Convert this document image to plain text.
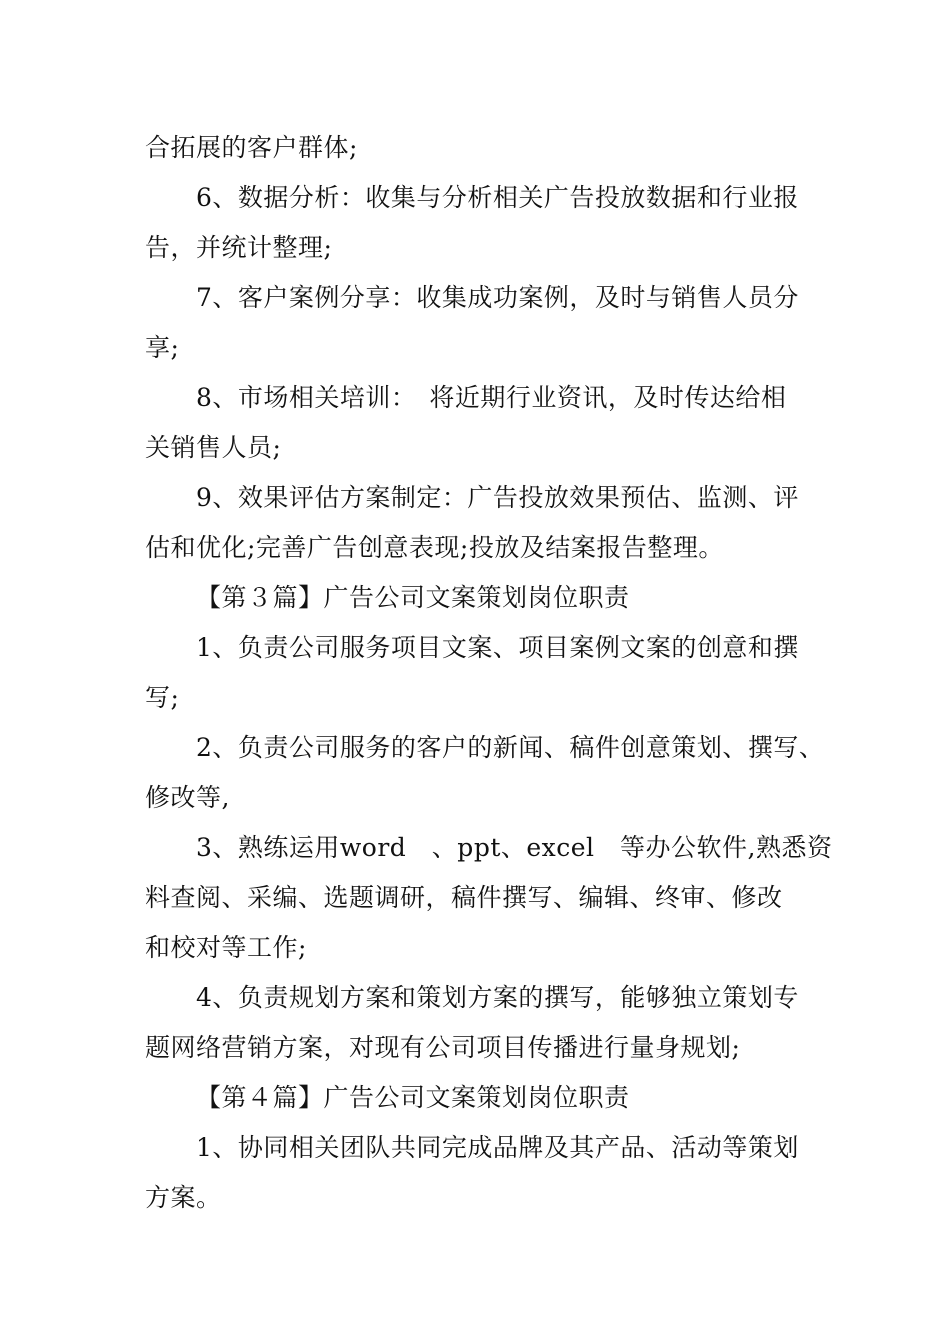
合拓展的客户群体;
6、数据分析：收集与分析相关广告投放数据和行业报
告，并统计整理;
7、客户案例分享：收集成功案例，及时与销售人员分
享;
8、市场相关培训：　将近期行业资讯，及时传达给相
关销售人员;
9、效果评估方案制定：广告投放效果预估、监测、评
估和优化;完善广告创意表现;投放及结案报告整理。
【第３篇】广告公司文案策划岗位职责
1、负责公司服务项目文案、项目案例文案的创意和撰
写;
2、负责公司服务的客户的新闻、稿件创意策划、撰写、
修改等,
3、熟练运用word　、ppt、excel　等办公软件,熟悉资
料查阅、采编、选题调研，稿件撰写、编辑、终审、修改
和校对等工作;
4、负责规划方案和策划方案的撰写，能够独立策划专
题网络营销方案，对现有公司项目传播进行量身规划;
【第４篇】广告公司文案策划岗位职责
1、协同相关团队共同完成品牌及其产品、活动等策划
方案。
